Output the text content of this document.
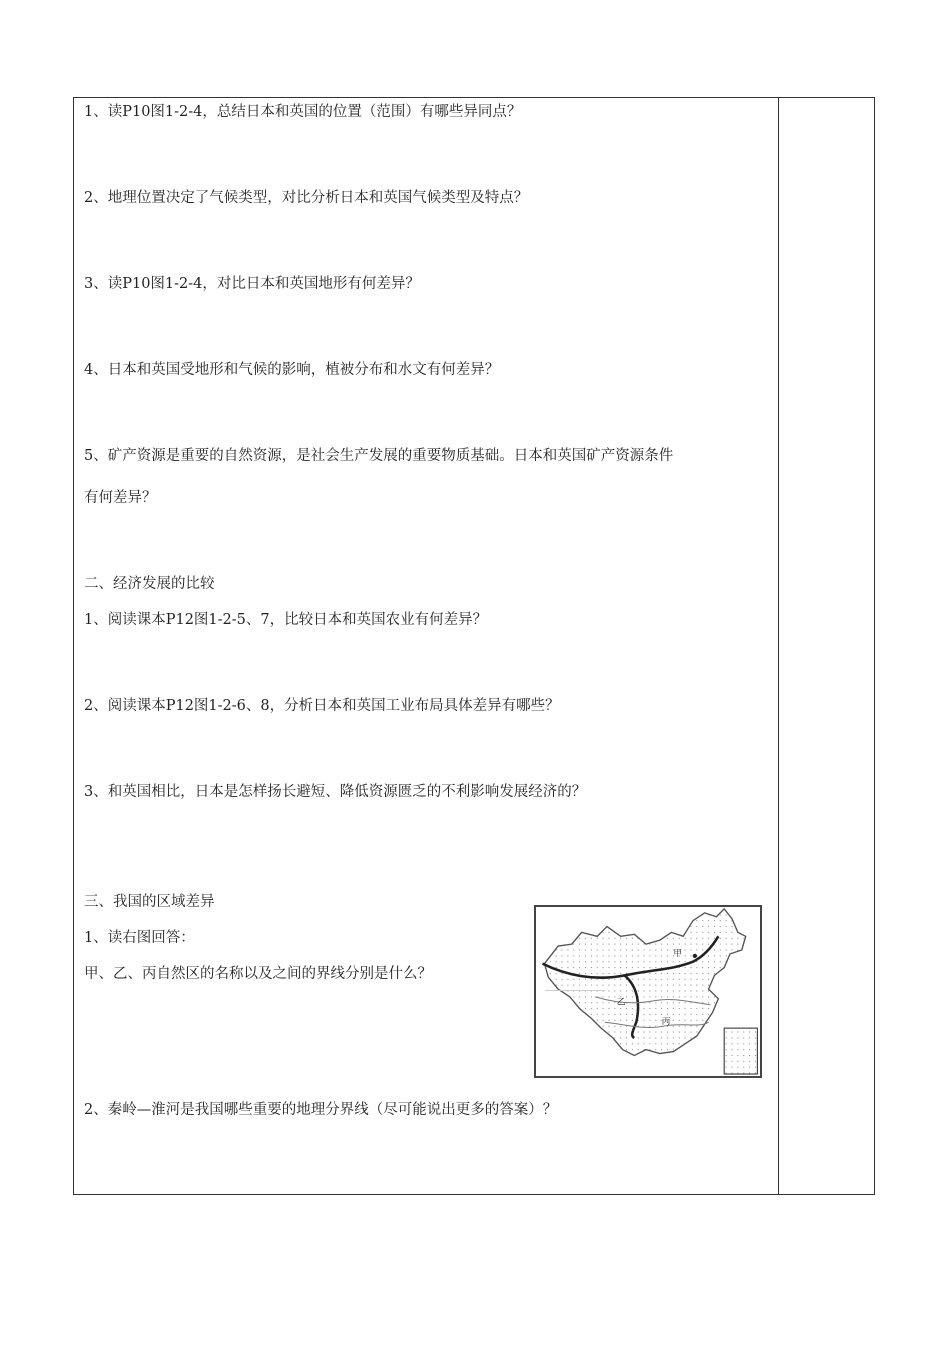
1、读P10图1-2-4，总结日本和英国的位置（范围）有哪些异同点？
2、地理位置决定了气候类型，对比分析日本和英国气候类型及特点？
3、读P10图1-2-4，对比日本和英国地形有何差异？
4、日本和英国受地形和气候的影响，植被分布和水文有何差异？
5、矿产资源是重要的自然资源，是社会生产发展的重要物质基础。日本和英国矿产资源条件
有何差异？
二、经济发展的比较
1、阅读课本P12图1-2-5、7，比较日本和英国农业有何差异？
2、阅读课本P12图1-2-6、8，分析日本和英国工业布局具体差异有哪些？
3、和英国相比，日本是怎样扬长避短、降低资源匮乏的不利影响发展经济的？
三、我国的区域差异
1、读右图回答：
甲、乙、丙自然区的名称以及之间的界线分别是什么？
2、秦岭—淮河是我国哪些重要的地理分界线（尽可能说出更多的答案）？
甲
乙
丙
